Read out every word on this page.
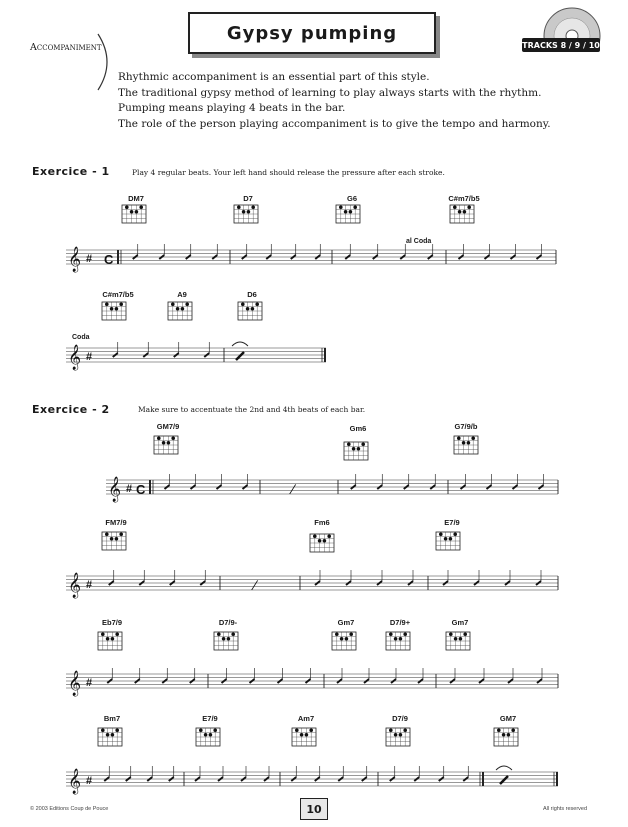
Gypsy pumping
TRACKS 8 / 9 / 10
Accompaniment
Rhythmic accompaniment is an essential part of this style.
The traditional gypsy method of learning to play always starts with the rhythm.
Pumping means playing 4 beats in the bar.
The role of the person playing accompaniment is to give the tempo and harmony.
Exercice - 1	Play 4 regular beats. Your left hand should release the pressure after each stroke.
DM7	D7	G6	C#m7/b5
al Coda
C#m7/b5	A9	D6
Coda
Exercice - 2	Make sure to accentuate the 2nd and 4th beats of each bar.
GM7/9	Gm6	G7/9/b
FM7/9	Fm6	E7/9
Eb7/9	D7/9-	Gm7	D7/9+	Gm7
Bm7	E7/9	Am7	D7/9	GM7
𝄞 # C
𝄞 #
𝄞 # C	∕
𝄞 #	∕
𝄞 #
𝄞 #
© 2003 Editions Coup de Pouce	10	All rights reserved
